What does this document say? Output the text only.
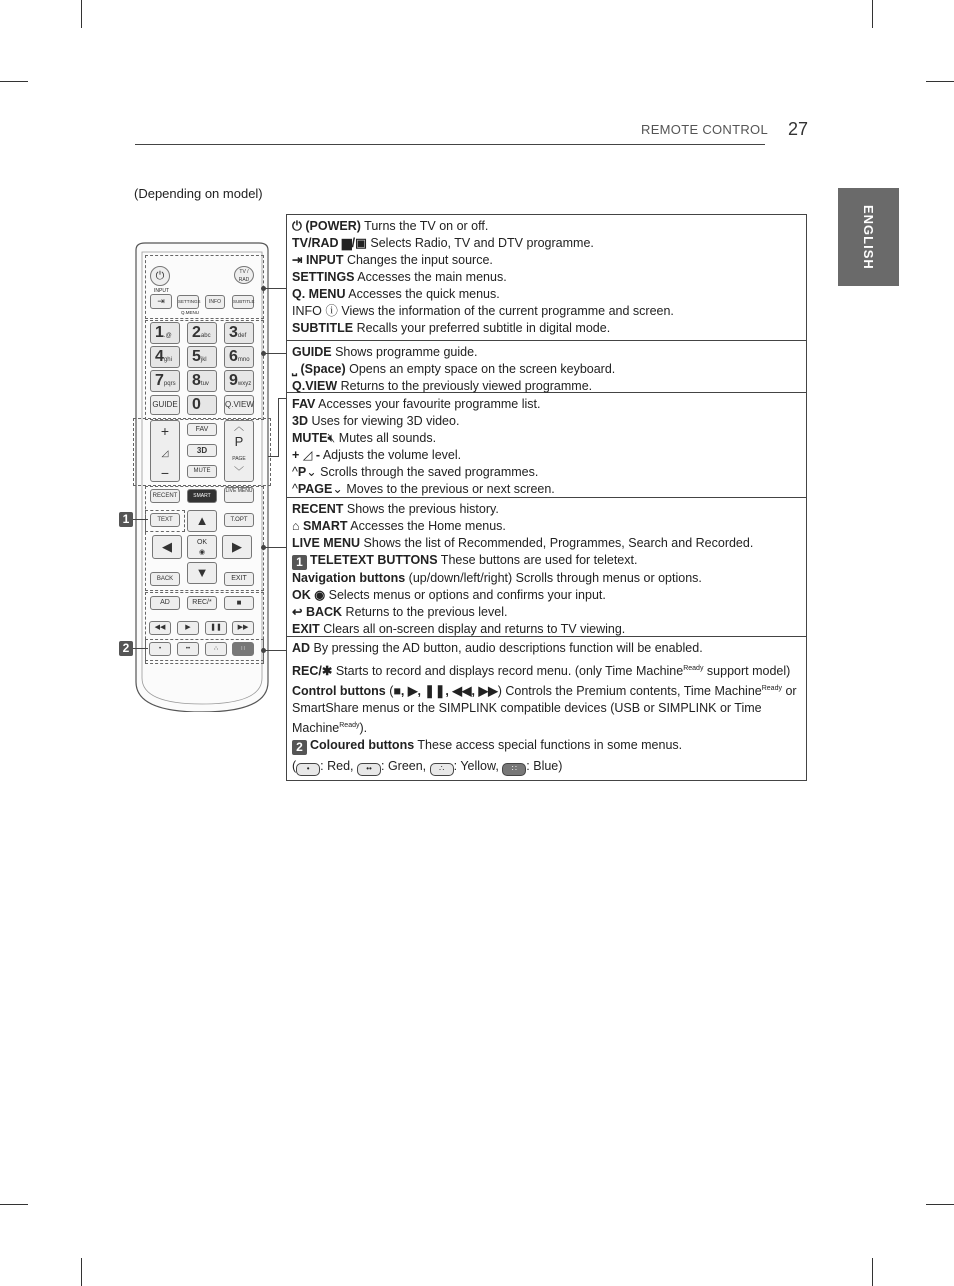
REMOTE CONTROL 27
ENGLISH
(Depending on model)
⏻	TV / RAD
INPUT
⇥	SETTINGS	INFO	SUBTITLE
Q.MENU
1.@	2abc	3def
4ghi	5jkl	6mno
7pqrs	8tuv	9wxyz
GUIDE 0	Q.VIEW
+
◿
−
FAV
3D
MUTE
︿
P
PAGE
﹀
RECENT	SMART
LIVE MENU
TEXT	T.OPT
▲
◀	OK
◉	▶
▼
BACK	EXIT
AD	REC/*	■
◀◀	▶	❚❚	▶▶
•	••	∴	∷
1
2

⏻ (POWER) Turns the TV on or off.

TV/RAD ▆/▣ Selects Radio, TV and DTV programme.

⇥ INPUT Changes the input source.

SETTINGS Accesses the main menus.

Q. MENU Accesses the quick menus.

INFO ⓘ Views the information of the current programme and screen.

SUBTITLE Recalls your preferred subtitle in digital mode.

GUIDE Shows programme guide.

⎵ (Space) Opens an empty space on the screen keyboard.

Q.VIEW Returns to the previously viewed programme.

FAV Accesses your favourite programme list.

3D Uses for viewing 3D video.

MUTE🔇︎ Mutes all sounds.

+ ◿ - Adjusts the volume level.

^P⌄ Scrolls through the saved programmes.

^PAGE⌄ Moves to the previous or next screen.

RECENT Shows the previous history.

⌂ SMART Accesses the Home menus.

LIVE MENU Shows the list of Recommended, Programmes, Search and Recorded.

1 TELETEXT BUTTONS These buttons are used for teletext.

Navigation buttons (up/down/left/right) Scrolls through menus or options.

OK ◉ Selects menus or options and confirms your input.

↩ BACK Returns to the previous level.

EXIT Clears all on-screen display and returns to TV viewing.

AD By pressing the AD button, audio descriptions function will be enabled.

REC/✱ Starts to record and displays record menu. (only Time Machine$^{Ready}$ support model)

Control buttons (■, ▶, ❚❚, ◀◀, ▶▶) Controls the Premium contents, Time Machine$^{Ready}$ or SmartShare menus or the SIMPLINK compatible devices (USB or SIMPLINK or Time Machine$^{Ready}$).

2 Coloured buttons These access special functions in some menus.

( • : Red, •• : Green, ∴ : Yellow, ∷ : Blue)
